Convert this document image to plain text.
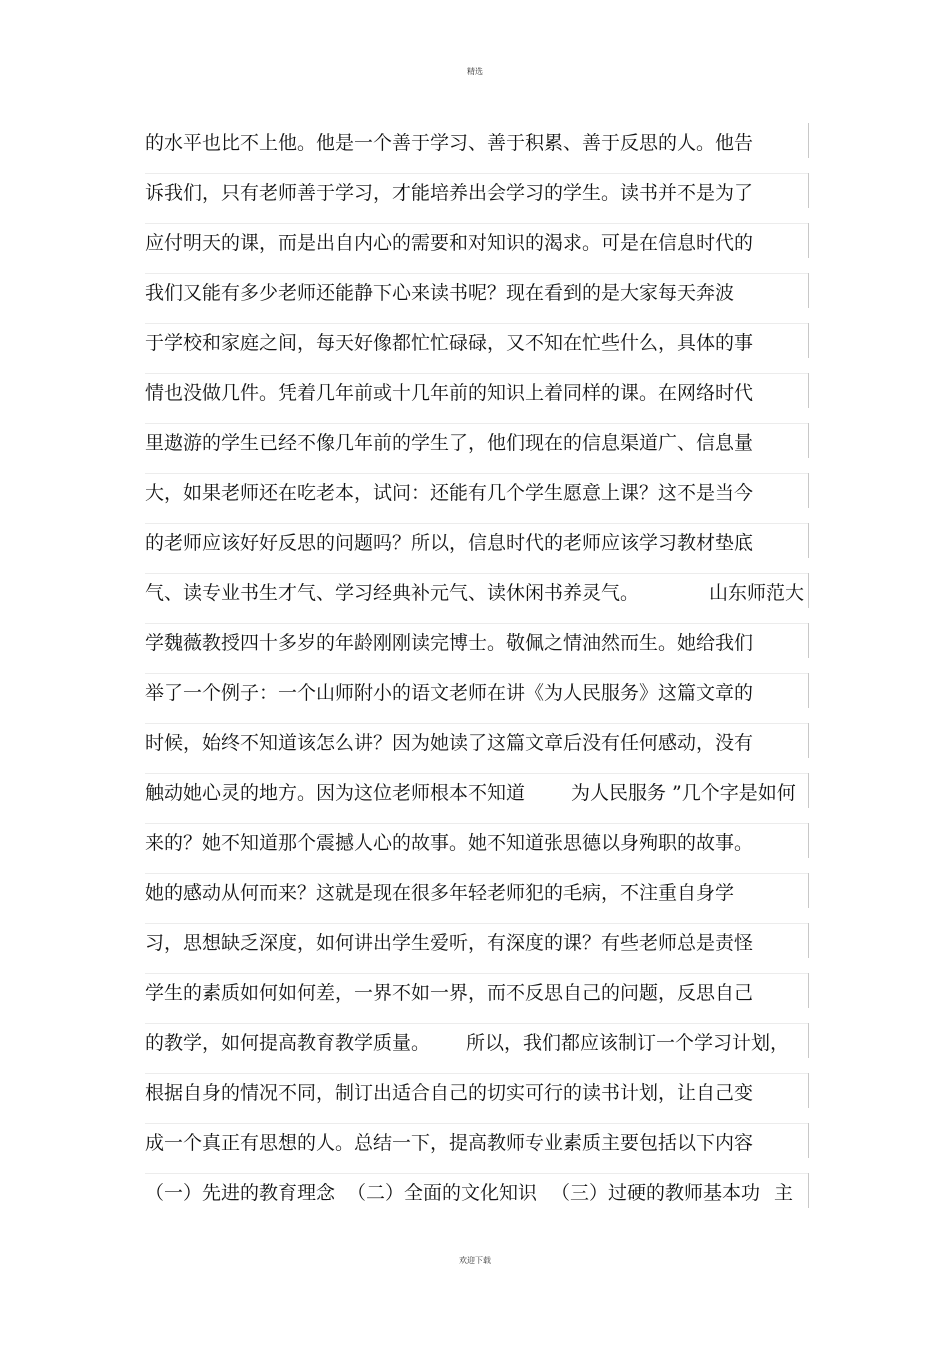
精选
的水平也比不上他。他是一个善于学习、善于积累、善于反思的人。他告
诉我们，只有老师善于学习，才能培养出会学习的学生。读书并不是为了
应付明天的课，而是出自内心的需要和对知识的渴求。可是在信息时代的
我们又能有多少老师还能静下心来读书呢？现在看到的是大家每天奔波
于学校和家庭之间，每天好像都忙忙碌碌，又不知在忙些什么，具体的事
情也没做几件。凭着几年前或十几年前的知识上着同样的课。在网络时代
里遨游的学生已经不像几年前的学生了，他们现在的信息渠道广、信息量
大，如果老师还在吃老本，试问：还能有几个学生愿意上课？这不是当今
的老师应该好好反思的问题吗？所以，信息时代的老师应该学习教材垫底
气、读专业书生才气、学习经典补元气、读休闲书养灵气。	山东师范大
学魏薇教授四十多岁的年龄刚刚读完博士。敬佩之情油然而生。她给我们
举了一个例子：一个山师附小的语文老师在讲《为人民服务》这篇文章的
时候，始终不知道该怎么讲？因为她读了这篇文章后没有任何感动，没有
触动她心灵的地方。因为这位老师根本不知道 为人民服务 ”几个字是如何
来的？她不知道那个震撼人心的故事。她不知道张思德以身殉职的故事。
她的感动从何而来？这就是现在很多年轻老师犯的毛病，不注重自身学
习，思想缺乏深度，如何讲出学生爱听，有深度的课？有些老师总是责怪
学生的素质如何如何差，一界不如一界，而不反思自己的问题，反思自己
的教学，如何提高教育教学质量。 所以，我们都应该制订一个学习计划，
根据自身的情况不同，制订出适合自己的切实可行的读书计划，让自己变
成一个真正有思想的人。总结一下，提高教师专业素质主要包括以下内容
（一）先进的教育理念 （二）全面的文化知识 （三）过硬的教师基本功 主
欢迎下载
